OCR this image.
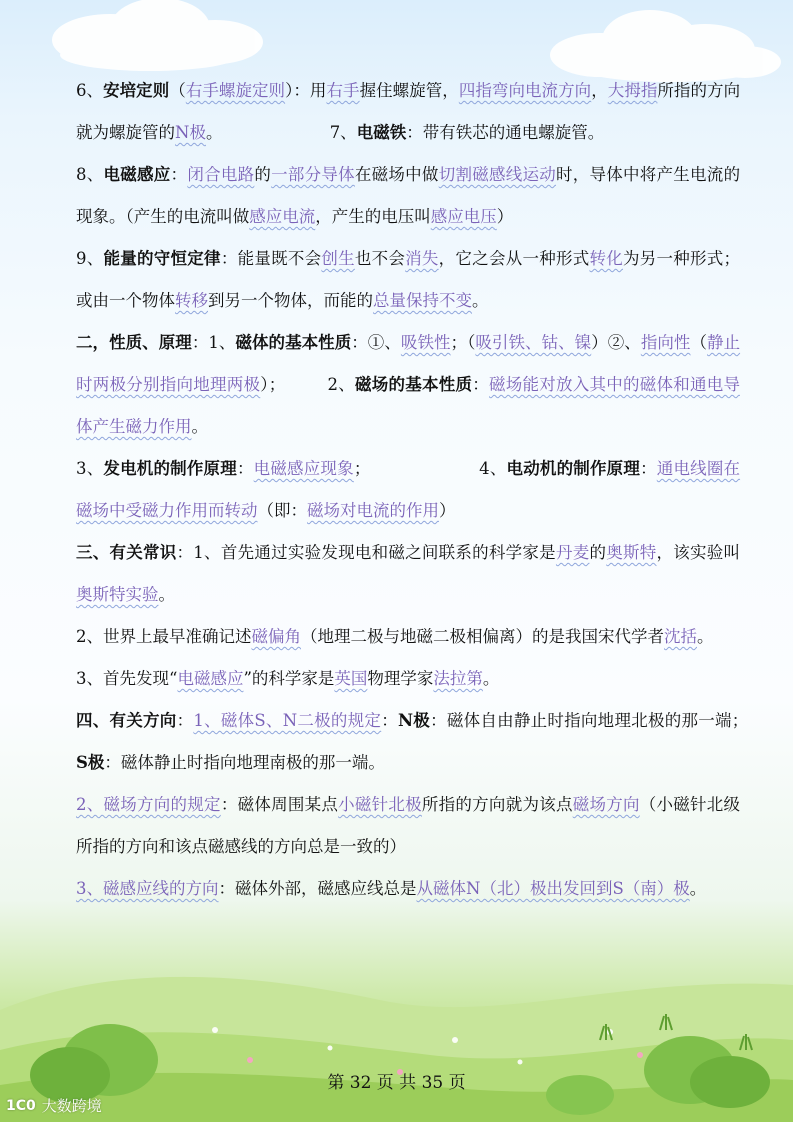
6、安培定则（右手螺旋定则）：用右手握住螺旋管，四指弯向电流方向，大拇指所指的方向就为螺旋管的N极。　　　　　　　7、电磁铁：带有铁芯的通电螺旋管。

8、电磁感应：闭合电路的一部分导体在磁场中做切割磁感线运动时，导体中将产生电流的现象。（产生的电流叫做感应电流，产生的电压叫感应电压）

9、能量的守恒定律：能量既不会创生也不会消失，它之会从一种形式转化为另一种形式；或由一个物体转移到另一个物体，而能的总量保持不变。

二，性质、原理：1、磁体的基本性质：①、吸铁性；（吸引铁、钴、镍）②、指向性（静止时两极分别指向地理两极）；　　　2、磁场的基本性质：磁场能对放入其中的磁体和通电导体产生磁力作用。

3、发电机的制作原理：电磁感应现象；　　　　　　　4、电动机的制作原理：通电线圈在磁场中受磁力作用而转动（即：磁场对电流的作用）

三、有关常识：1、首先通过实验发现电和磁之间联系的科学家是丹麦的奥斯特，该实验叫奥斯特实验。

2、世界上最早准确记述磁偏角（地理二极与地磁二极相偏离）的是我国宋代学者沈括。

3、首先发现“电磁感应”的科学家是英国物理学家法拉第。

四、有关方向：1、磁体S、N二极的规定：N极：磁体自由静止时指向地理北极的那一端；　S极：磁体静止时指向地理南极的那一端。

2、磁场方向的规定：磁体周围某点小磁针北极所指的方向就为该点磁场方向（小磁针北级所指的方向和该点磁感线的方向总是一致的）

3、磁感应线的方向：磁体外部，磁感应线总是从磁体N（北）极出发回到S（南）极。

第 32 页 共 35 页
1C0 大数跨境
